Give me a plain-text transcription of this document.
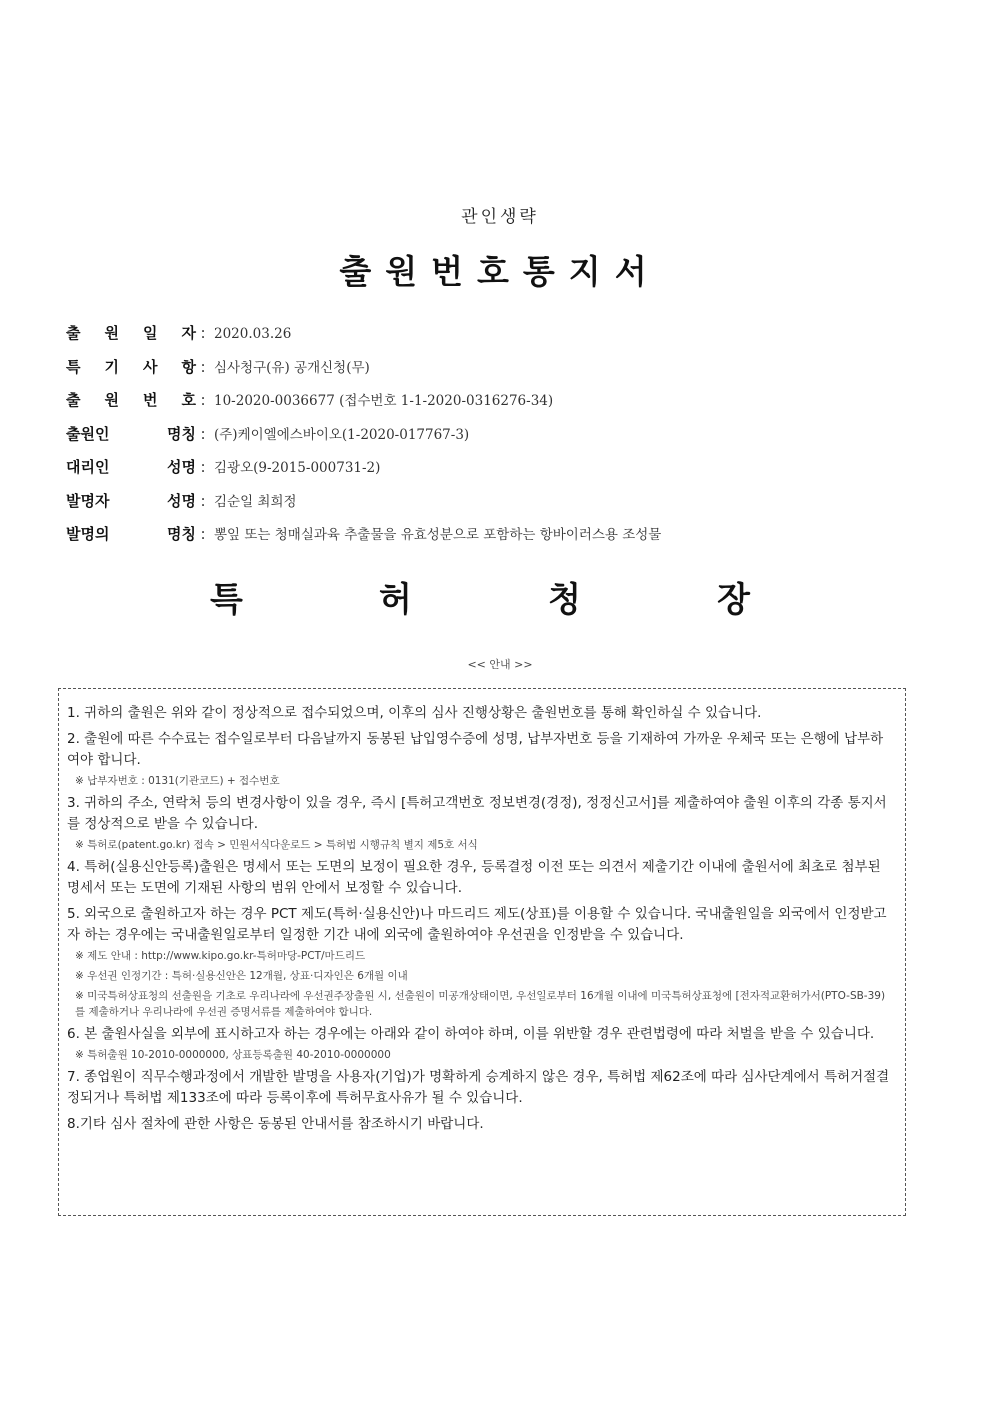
관인생략
출원번호통지서
출 원 일 자 : 2020.03.26
특 기 사 항 : 심사청구(유) 공개신청(무)
출 원 번 호 : 10-2020-0036677 (접수번호 1-1-2020-0316276-34)
출원인 명칭 : (주)케이엘에스바이오(1-2020-017767-3)
대리인 성명 : 김광오(9-2015-000731-2)
발명자 성명 : 김순일 최희정
발명의 명칭 : 뽕잎 또는 청매실과육 추출물을 유효성분으로 포함하는 항바이러스용 조성물
특	허	청	장
<< 안내 >>

1. 귀하의 출원은 위와 같이 정상적으로 접수되었으며, 이후의 심사 진행상황은 출원번호를 통해 확인하실 수 있습니다.

2. 출원에 따른 수수료는 접수일로부터 다음날까지 동봉된 납입영수증에 성명, 납부자번호 등을 기재하여 가까운 우체국 또는 은행에 납부하여야 합니다.

※ 납부자번호 : 0131(기관코드) + 접수번호

3. 귀하의 주소, 연락처 등의 변경사항이 있을 경우, 즉시 [특허고객번호 정보변경(경정), 정정신고서]를 제출하여야 출원 이후의 각종 통지서를 정상적으로 받을 수 있습니다.

※ 특허로(patent.go.kr) 접속 > 민원서식다운로드 > 특허법 시행규칙 별지 제5호 서식

4. 특허(실용신안등록)출원은 명세서 또는 도면의 보정이 필요한 경우, 등록결정 이전 또는 의견서 제출기간 이내에 출원서에 최초로 첨부된 명세서 또는 도면에 기재된 사항의 범위 안에서 보정할 수 있습니다.

5. 외국으로 출원하고자 하는 경우 PCT 제도(특허·실용신안)나 마드리드 제도(상표)를 이용할 수 있습니다. 국내출원일을 외국에서 인정받고자 하는 경우에는 국내출원일로부터 일정한 기간 내에 외국에 출원하여야 우선권을 인정받을 수 있습니다.

※ 제도 안내 : http://www.kipo.go.kr-특허마당-PCT/마드리드

※ 우선권 인정기간 : 특허·실용신안은 12개월, 상표·디자인은 6개월 이내

※ 미국특허상표청의 선출원을 기초로 우리나라에 우선권주장출원 시, 선출원이 미공개상태이면, 우선일로부터 16개월 이내에 미국특허상표청에 [전자적교환허가서(PTO-SB-39)를 제출하거나 우리나라에 우선권 증명서류를 제출하여야 합니다.

6. 본 출원사실을 외부에 표시하고자 하는 경우에는 아래와 같이 하여야 하며, 이를 위반할 경우 관련법령에 따라 처벌을 받을 수 있습니다.

※ 특허출원 10-2010-0000000, 상표등록출원 40-2010-0000000

7. 종업원이 직무수행과정에서 개발한 발명을 사용자(기업)가 명확하게 승계하지 않은 경우, 특허법 제62조에 따라 심사단계에서 특허거절결정되거나 특허법 제133조에 따라 등록이후에 특허무효사유가 될 수 있습니다.

8.기타 심사 절차에 관한 사항은 동봉된 안내서를 참조하시기 바랍니다.
